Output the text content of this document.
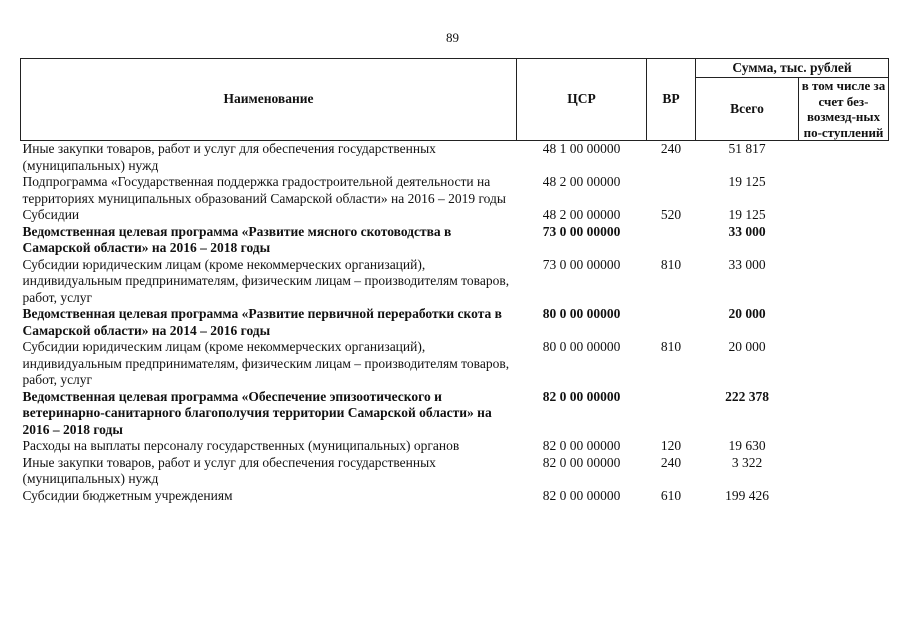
89
Наименование	ЦСР	ВР	Сумма, тыс. рублей	
			Всего	в том числе за счет без-возмезд-ных по-ступлений
Иные закупки товаров, работ и услуг для обеспечения государственных (муниципальных) нужд	48 1 00 00000	240	51 817	
Подпрограмма «Государственная поддержка градостроительной деятельности на территориях муниципальных образований Самарской области» на 2016 – 2019 годы	48 2 00 00000		19 125	
Субсидии	48 2 00 00000	520	19 125	
Ведомственная целевая программа «Развитие мясного скотоводства в Самарской области» на 2016 – 2018 годы	73 0 00 00000		33 000	
Субсидии юридическим лицам (кроме некоммерческих организаций), индивидуальным предпринимателям, физическим лицам – производителям товаров, работ, услуг	73 0 00 00000	810	33 000	
Ведомственная целевая программа «Развитие первичной переработки скота в Самарской области» на 2014 – 2016 годы	80 0 00 00000		20 000	
Субсидии юридическим лицам (кроме некоммерческих организаций), индивидуальным предпринимателям, физическим лицам – производителям товаров, работ, услуг	80 0 00 00000	810	20 000	
Ведомственная целевая программа «Обеспечение эпизоотического и ветеринарно-санитарного благополучия территории Самарской области» на 2016 – 2018 годы	82 0 00 00000		222 378	
Расходы на выплаты персоналу государственных (муниципальных) органов	82 0 00 00000	120	19 630	
Иные закупки товаров, работ и услуг для обеспечения государственных (муниципальных) нужд	82 0 00 00000	240	3 322	
Субсидии бюджетным учреждениям	82 0 00 00000	610	199 426	
